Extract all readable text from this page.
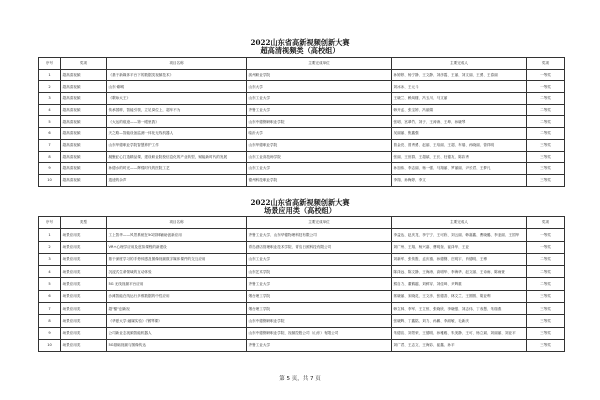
2022山东省高新视频创新大赛
超高清视频类（高校组）
序号	奖项	项目名称	主要完成单位	主要完成人	奖项
1	超高清视频	《基于新媒体平台下的数据类视频技术》	滨州职业学院	孙婷婷、杨宁静、王文静、刘彦霞、王丽、刘文丽、王勇、王春丽	一等奖
2	超高清视频	山东·聊城	山东大学	刘冰冰、王元斗	一等奖
3	超高清视频	《歌咏大王》	山东工业大学	王晓兰、赖凤楼、冯玉川、马文丽	二等奖
4	超高清视频	传承国粹，智能引领，立足岗位上，超车不为	齐鲁工业大学	韩开孟、张宝婷、冯丽娟	二等奖
5	超高清视频	《大运的痕迹——第一眼里我》	山东中德钢研职业学院	张明、宫翠竹、刘子、王涛涛、王坤、孙晓琴	二等奖
6	超高清视频	天之路—智能设备监测一体化无线机器人	临沂大学	吴丽丽、焦鑫强	二等奖
7	超高清视频	山东华德职业学院智慧养护工作	山东华德职业学院	曾金亮、曾秀勇、赵丽、王培丽、王超、车瑞、孙晓丽、曾祥明	三等奖
8	超高清视频	凝聚匠心打造精品课，建设职业院校信息化的产业转型，赋能新时代的发展	山东工业高技师学院	张丽、王世群、王超斌、王长、杜德友、陈彩秀	三等奖
9	超高清视频	孙德水的时光——辉煌时代的医院工艺	山东工业大学	孙加伟、李志丽、杨一强、马翔丽、罗丽丽、尹长君、王梦凡	三等奖
10	超高清视频	遗迹的余声	德州科技职业学院	李翔、孙梅婷、李文	三等奖
2022山东省高新视频创新大赛
场景应用类（高校组）
序号	类型	项目名称	主要完成单位	主要完成人	奖项
1	场景应用类	工上智华——风景系统在5G园林辅助创新应用	齐鲁工业大学、山东华德物理科技有限公司	李益达、赵庆龙、李宁宁、王可欣、刘云丽、韩嘉鑫、曹晓璐、李亚丽、王国华	一等奖
2	场景应用类	VR+心理学应用及虚拟课程的新建设	青岛酒店管理职业技术学院、青岛日照科技有限公司	刘广州、王翔、杨兴嘉、曹明奎、崔泽华、王亚	一等奖
3	场景应用类	基于深度学习的手势体感及图像视频数字媒体课件的交互应用	山东工业大学	刘新军、张传胜、孟庆禧、孙德钢、庄明宇、肖德明、王博	二等奖
4	场景应用类	沉浸式生命领域的互动体验	山东艺术学院	陈泽远、陈文静、王海涛、高明华、李海华、赵文丽、王诗雨、陈雨萱	二等奖
5	场景应用类	5G 无线视频平台应用	齐鲁工业大学	熊自力、董鹤越、刘鲜穿、刘佳琦、尹辉重	二等奖
6	场景应用类	沙滩智能在线运行多维数据的中性应用	烟台理工学院	郭晓丽、宋晓花、王文彦、张德香、林文兰、王圆圆、胡亚利	三等奖
7	场景应用类	超"酷"创新视	烟台理工学院	韩立林、李军、王立恒、张晓欣、李晓强、刘志伟、丁寿慧、朱瑞燕	三等奖
8	场景应用类	《华夏大学·融媒实验》《钢琴课》	山东中德钢研职业学院	张晓辉、丁鑫铭、刘力、孙鹏、李淑敏、毛新庆	三等奖
9	场景应用类	公司新业态视频智能机器人	山东中德钢研职业学院、视频控股公司（山东）有限公司	朱德宣、刘景荣、王德明、孙雅雅、朱美静、王可、杨立斌、刘丽丽、刘亚平	三等奖
10	场景应用类	5G基础视频与图像传达	齐鲁工业大学	刘广君、王志文、王海彩、崔鑫、孙平	三等奖
第 5 页，共 7 页
